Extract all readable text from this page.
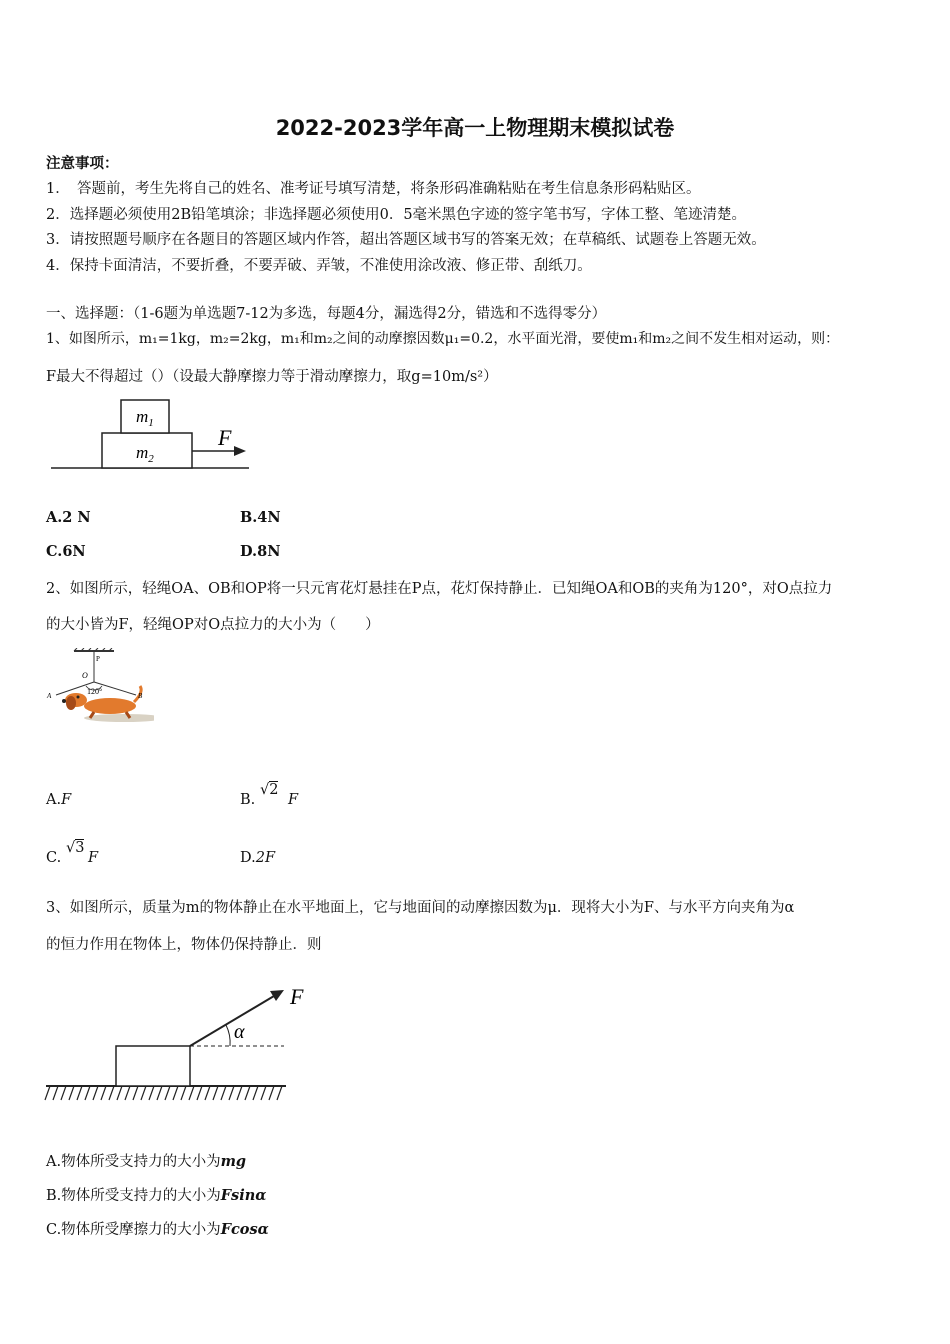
2022-2023学年高一上物理期末模拟试卷
注意事项：
1．　答题前，考生先将自己的姓名、准考证号填写清楚，将条形码准确粘贴在考生信息条形码粘贴区。
2．选择题必须使用2B铅笔填涂；非选择题必须使用0．5毫米黑色字迹的签字笔书写，字体工整、笔迹清楚。
3．请按照题号顺序在各题目的答题区域内作答，超出答题区域书写的答案无效；在草稿纸、试题卷上答题无效。
4．保持卡面清洁，不要折叠，不要弄破、弄皱，不准使用涂改液、修正带、刮纸刀。
一、选择题：（1-6题为单选题7-12为多选，每题4分，漏选得2分，错选和不选得零分）
1、如图所示，m₁=1kg，m₂=2kg，m₁和m₂之间的动摩擦因数μ₁=0.2，水平面光滑，要使m₁和m₂之间不发生相对运动，则：
F最大不得超过（）（设最大静摩擦力等于滑动摩擦力，取g=10m/s²）
$m_1$
$m_2$
F
A.2 N	B.4N
C.6N	D.8N
2、如图所示，轻绳OA、OB和OP将一只元宵花灯悬挂在P点，花灯保持静止．已知绳OA和OB的夹角为120°，对O点拉力
的大小皆为F，轻绳OP对O点拉力的大小为（　　）
P
O
A	B
120°
A.F	B.
√2
F
C.
√3
F	D.2F
3、如图所示，质量为m的物体静止在水平地面上，它与地面间的动摩擦因数为μ．现将大小为F、与水平方向夹角为α
的恒力作用在物体上，物体仍保持静止．则
α
F
A.物体所受支持力的大小为mg
B.物体所受支持力的大小为Fsinα
C.物体所受摩擦力的大小为Fcosα
